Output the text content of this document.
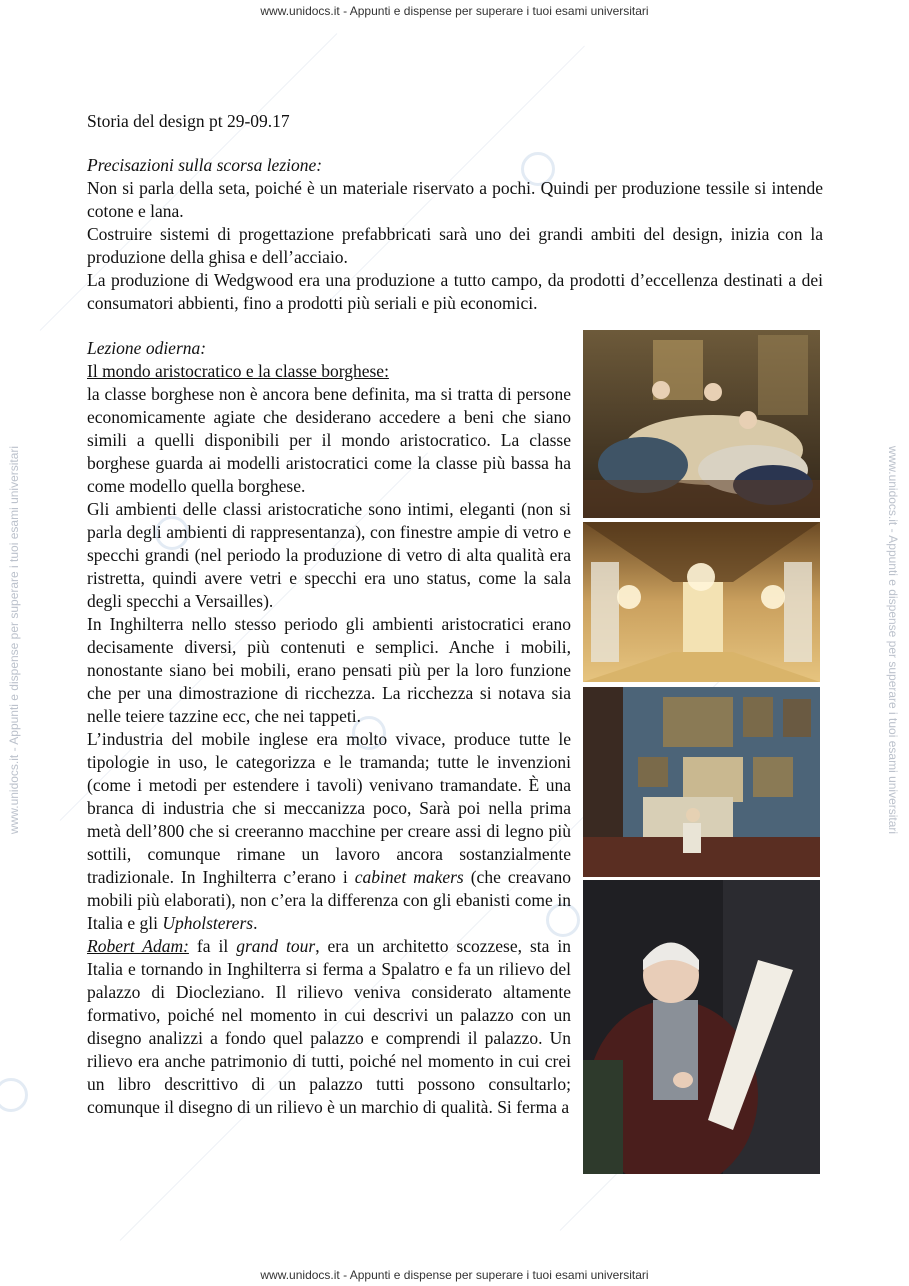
www.unidocs.it - Appunti e dispense per superare i tuoi esami universitari
www.unidocs.it - Appunti e dispense per superare i tuoi esami universitari
www.unidocs.it - Appunti e dispense per superare i tuoi esami universitari	www.unidocs.it - Appunti e dispense per superare i tuoi esami universitari

Storia del design pt 29-09.17

Precisazioni sulla scorsa lezione:

Non si parla della seta, poiché è un materiale riservato a pochi. Quindi per produzione tessile si intende cotone e lana.

Costruire sistemi di progettazione prefabbricati sarà uno dei grandi ambiti del design, inizia con la produzione della ghisa e dell’acciaio.

La produzione di Wedgwood era una produzione a tutto campo, da prodotti d’eccellenza destinati a dei consumatori abbienti, fino a prodotti più seriali e più economici.

Lezione odierna:

Il mondo aristocratico e la classe borghese:

la classe borghese non è ancora bene definita, ma si tratta di persone economicamente agiate che desiderano accedere a beni che siano simili a quelli disponibili per il mondo aristocratico. La classe borghese guarda ai modelli aristocratici come la classe più bassa ha come modello quella borghese.

Gli ambienti delle classi aristocratiche sono intimi, eleganti (non si parla degli ambienti di rappresentanza), con finestre ampie di vetro e specchi grandi (nel periodo la produzione di vetro di alta qualità era ristretta, quindi avere vetri e specchi era uno status, come la sala degli specchi a Versailles).

In Inghilterra nello stesso periodo gli ambienti aristocratici erano decisamente diversi, più contenuti e semplici. Anche i mobili, nonostante siano bei mobili, erano pensati più per la loro funzione che per una dimostrazione di ricchezza. La ricchezza si notava sia nelle teiere tazzine ecc, che nei tappeti.

L’industria del mobile inglese era molto vivace, produce tutte le tipologie in uso, le categorizza e le tramanda; tutte le invenzioni (come i metodi per estendere i tavoli) venivano tramandate. È una branca di industria che si meccanizza poco, Sarà poi nella prima metà dell’800 che si creeranno macchine per creare assi di legno più sottili, comunque rimane un lavoro ancora sostanzialmente tradizionale. In Inghilterra c’erano i cabinet makers (che creavano mobili più elaborati), non c’era la differenza con gli ebanisti come in Italia e gli Upholsterers.

Robert Adam: fa il grand tour, era un architetto scozzese, sta in Italia e tornando in Inghilterra si ferma a Spalatro e fa un rilievo del palazzo di Diocleziano. Il rilievo veniva considerato altamente formativo, poiché nel momento in cui descrivi un palazzo con un disegno analizzi a fondo quel palazzo e comprendi il palazzo. Un rilievo era anche patrimonio di tutti, poiché nel momento in cui crei un libro descrittivo di un palazzo tutti possono consultarlo; comunque il disegno di un rilievo è un marchio di qualità. Si ferma a
